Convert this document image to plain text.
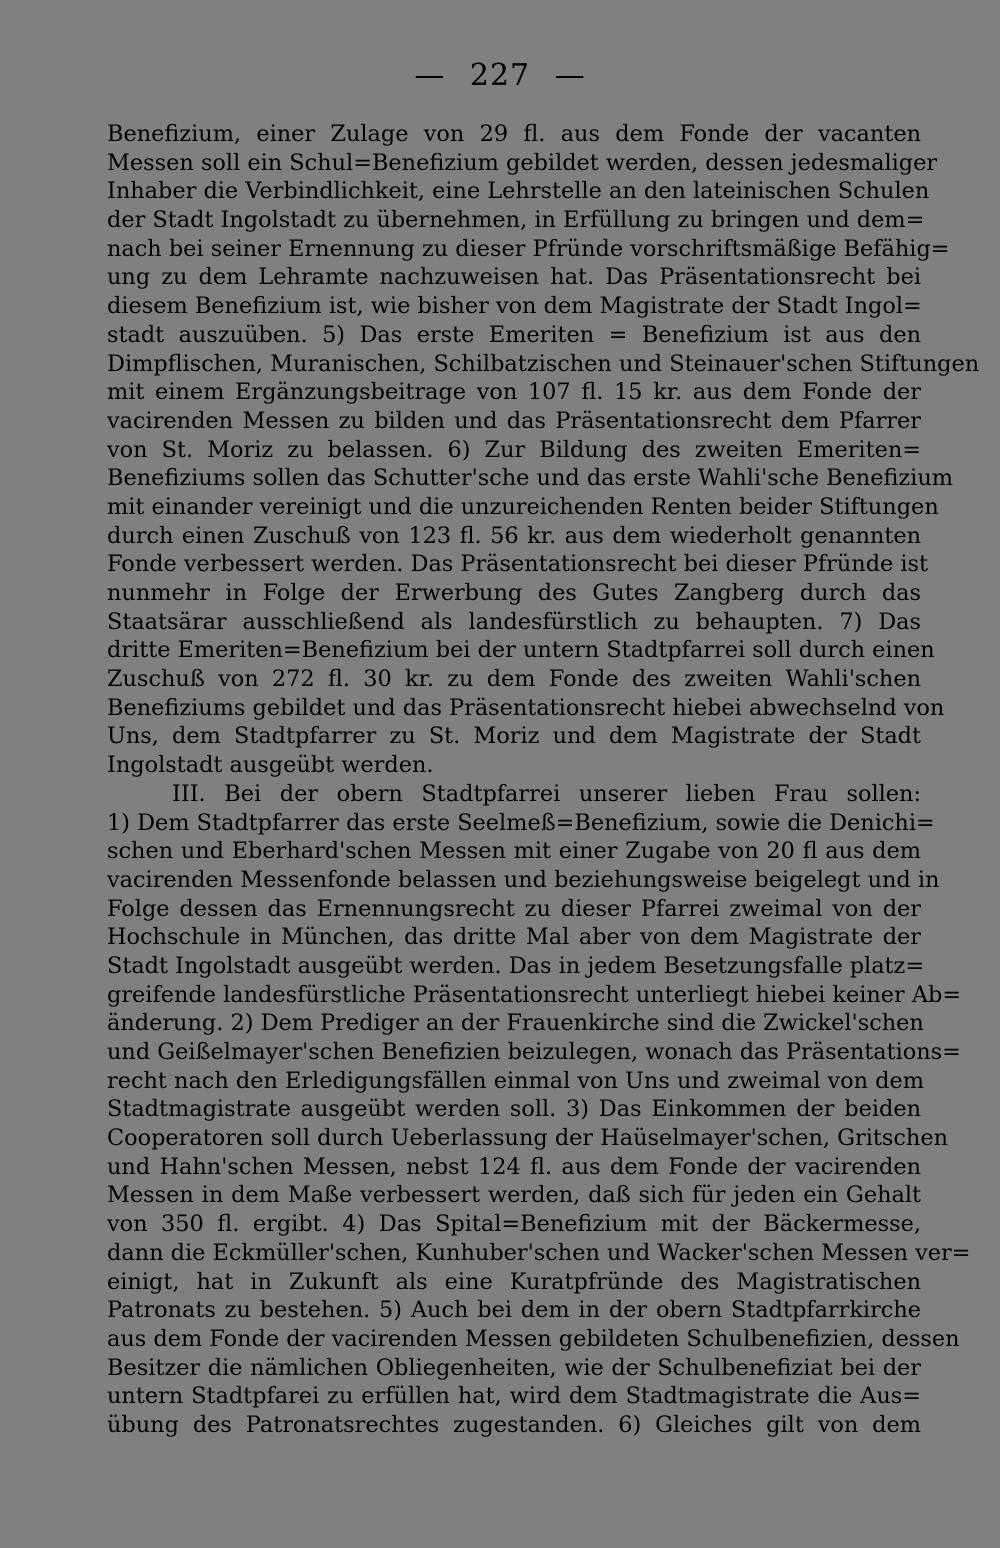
— 227 —
Benefizium, einer Zulage von 29 fl. aus dem Fonde der vacanten
Messen soll ein Schul=Benefizium gebildet werden, dessen jedesmaliger
Inhaber die Verbindlichkeit, eine Lehrstelle an den lateinischen Schulen
der Stadt Ingolstadt zu übernehmen, in Erfüllung zu bringen und dem=
nach bei seiner Ernennung zu dieser Pfründe vorschriftsmäßige Befähig=
ung zu dem Lehramte nachzuweisen hat. Das Präsentationsrecht bei
diesem Benefizium ist, wie bisher von dem Magistrate der Stadt Ingol=
stadt auszuüben. 5) Das erste Emeriten = Benefizium ist aus den
Dimpflischen, Muranischen, Schilbatzischen und Steinauer'schen Stiftungen
mit einem Ergänzungsbeitrage von 107 fl. 15 kr. aus dem Fonde der
vacirenden Messen zu bilden und das Präsentationsrecht dem Pfarrer
von St. Moriz zu belassen. 6) Zur Bildung des zweiten Emeriten=
Benefiziums sollen das Schutter'sche und das erste Wahli'sche Benefizium
mit einander vereinigt und die unzureichenden Renten beider Stiftungen
durch einen Zuschuß von 123 fl. 56 kr. aus dem wiederholt genannten
Fonde verbessert werden. Das Präsentationsrecht bei dieser Pfründe ist
nunmehr in Folge der Erwerbung des Gutes Zangberg durch das
Staatsärar ausschließend als landesfürstlich zu behaupten. 7) Das
dritte Emeriten=Benefizium bei der untern Stadtpfarrei soll durch einen
Zuschuß von 272 fl. 30 kr. zu dem Fonde des zweiten Wahli'schen
Benefiziums gebildet und das Präsentationsrecht hiebei abwechselnd von
Uns, dem Stadtpfarrer zu St. Moriz und dem Magistrate der Stadt
Ingolstadt ausgeübt werden.
III. Bei der obern Stadtpfarrei unserer lieben Frau sollen:
1) Dem Stadtpfarrer das erste Seelmeß=Benefizium, sowie die Denichi=
schen und Eberhard'schen Messen mit einer Zugabe von 20 fl aus dem
vacirenden Messenfonde belassen und beziehungsweise beigelegt und in
Folge dessen das Ernennungsrecht zu dieser Pfarrei zweimal von der
Hochschule in München, das dritte Mal aber von dem Magistrate der
Stadt Ingolstadt ausgeübt werden. Das in jedem Besetzungsfalle platz=
greifende landesfürstliche Präsentationsrecht unterliegt hiebei keiner Ab=
änderung. 2) Dem Prediger an der Frauenkirche sind die Zwickel'schen
und Geißelmayer'schen Benefizien beizulegen, wonach das Präsentations=
recht nach den Erledigungsfällen einmal von Uns und zweimal von dem
Stadtmagistrate ausgeübt werden soll. 3) Das Einkommen der beiden
Cooperatoren soll durch Ueberlassung der Haüselmayer'schen, Gritschen
und Hahn'schen Messen, nebst 124 fl. aus dem Fonde der vacirenden
Messen in dem Maße verbessert werden, daß sich für jeden ein Gehalt
von 350 fl. ergibt. 4) Das Spital=Benefizium mit der Bäckermesse,
dann die Eckmüller'schen, Kunhuber'schen und Wacker'schen Messen ver=
einigt, hat in Zukunft als eine Kuratpfründe des Magistratischen
Patronats zu bestehen. 5) Auch bei dem in der obern Stadtpfarrkirche
aus dem Fonde der vacirenden Messen gebildeten Schulbenefizien, dessen
Besitzer die nämlichen Obliegenheiten, wie der Schulbenefiziat bei der
untern Stadtpfarei zu erfüllen hat, wird dem Stadtmagistrate die Aus=
übung des Patronatsrechtes zugestanden. 6) Gleiches gilt von dem
